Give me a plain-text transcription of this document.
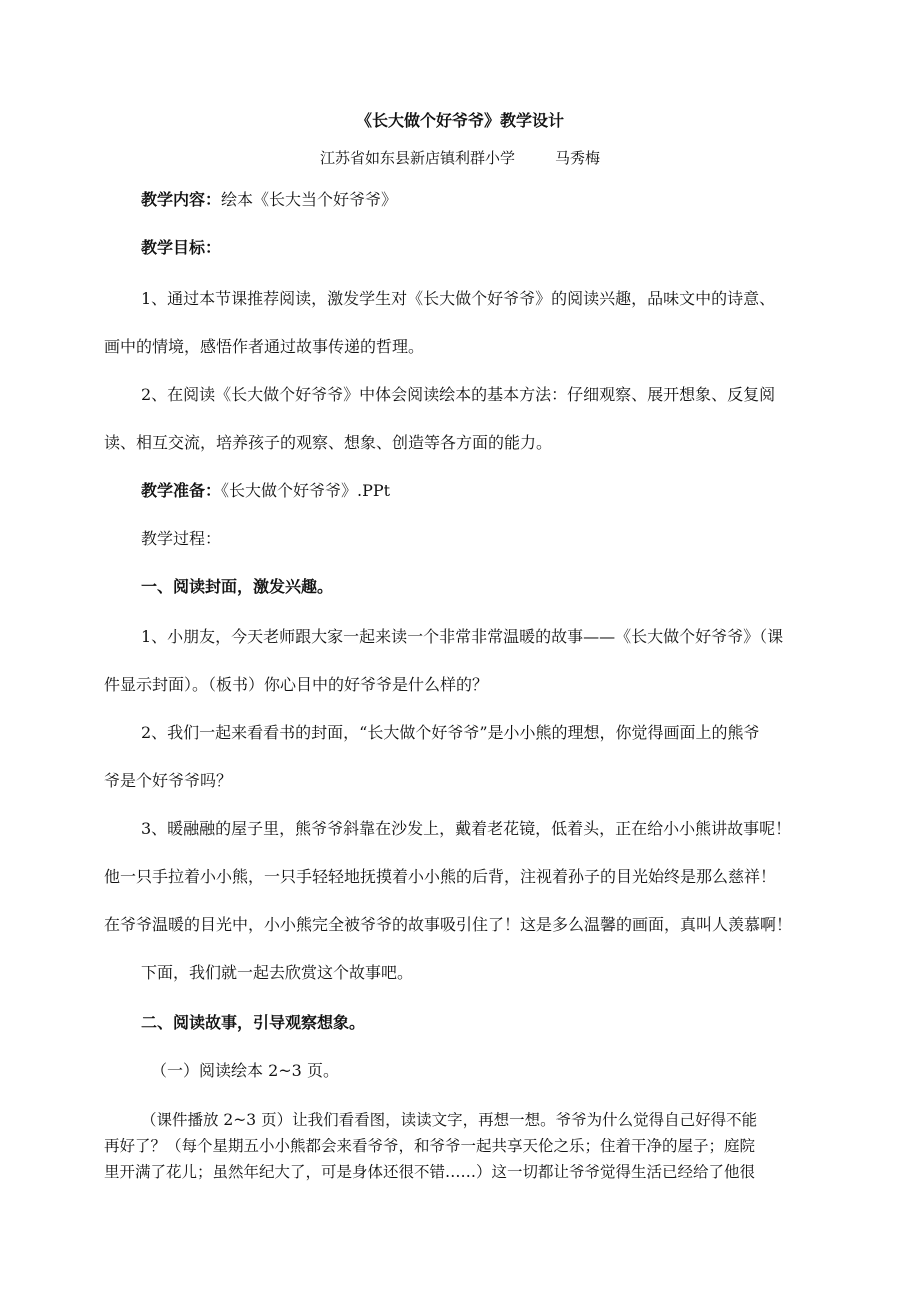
《长大做个好爷爷》教学设计
江苏省如东县新店镇利群小学	马秀梅
教学内容：绘本《长大当个好爷爷》
教学目标：
1、通过本节课推荐阅读，激发学生对《长大做个好爷爷》的阅读兴趣，品味文中的诗意、
画中的情境，感悟作者通过故事传递的哲理。
2、在阅读《长大做个好爷爷》中体会阅读绘本的基本方法：仔细观察、展开想象、反复阅
读、相互交流，培养孩子的观察、想象、创造等各方面的能力。
教学准备：《长大做个好爷爷》.PPt
教学过程：
一、阅读封面，激发兴趣。
1、小朋友，今天老师跟大家一起来读一个非常非常温暖的故事——《长大做个好爷爷》（课
件显示封面）。（板书）你心目中的好爷爷是什么样的？
2、我们一起来看看书的封面，“长大做个好爷爷”是小小熊的理想，你觉得画面上的熊爷
爷是个好爷爷吗？
3、暖融融的屋子里，熊爷爷斜靠在沙发上，戴着老花镜，低着头，正在给小小熊讲故事呢！
他一只手拉着小小熊，一只手轻轻地抚摸着小小熊的后背，注视着孙子的目光始终是那么慈祥！
在爷爷温暖的目光中，小小熊完全被爷爷的故事吸引住了！这是多么温馨的画面，真叫人羡慕啊！
下面，我们就一起去欣赏这个故事吧。
二、阅读故事，引导观察想象。
（一）阅读绘本 2~3 页。
（课件播放 2~3 页）让我们看看图，读读文字，再想一想。爷爷为什么觉得自己好得不能
再好了？（每个星期五小小熊都会来看爷爷，和爷爷一起共享天伦之乐；住着干净的屋子；庭院
里开满了花儿；虽然年纪大了，可是身体还很不错……）这一切都让爷爷觉得生活已经给了他很
